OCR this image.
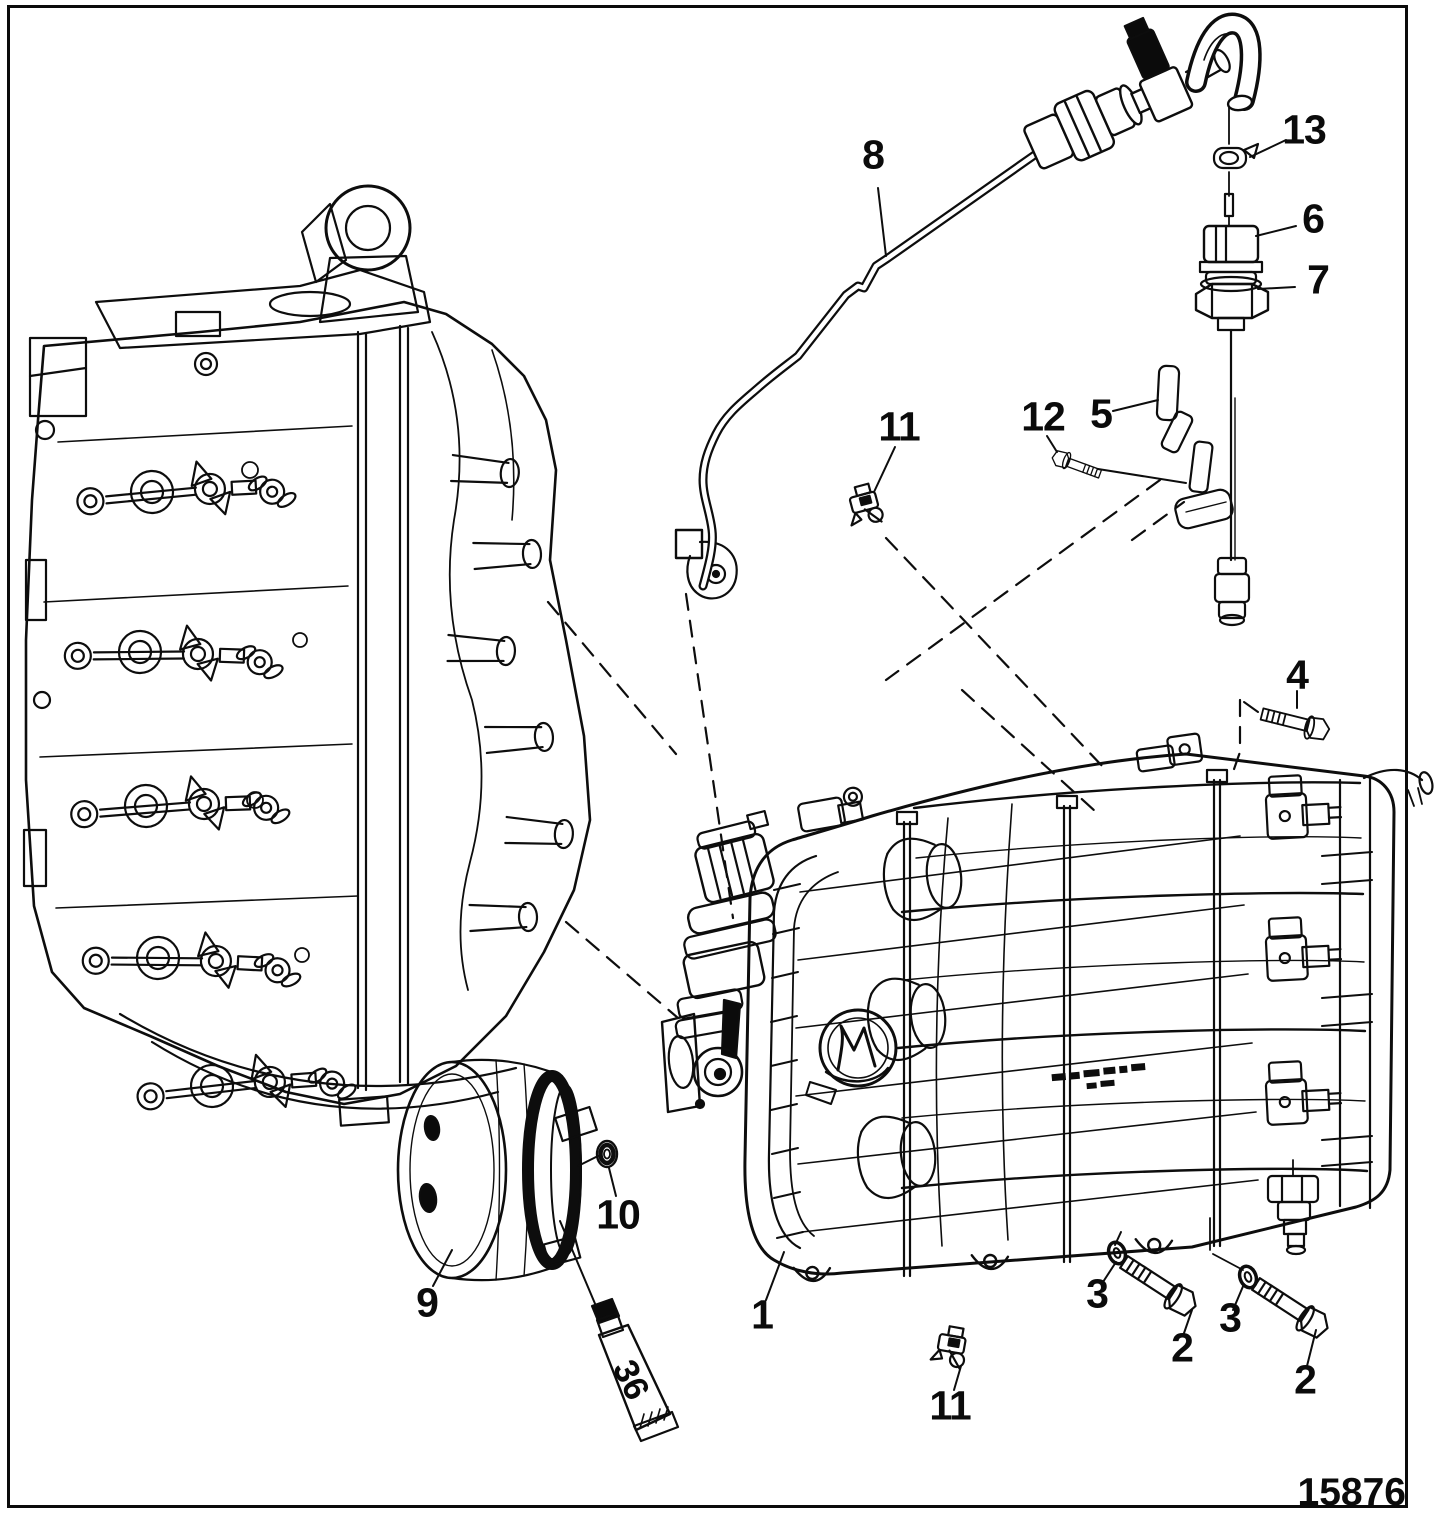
8
13
6
7
5
12
11
4
1
9
10
3
2
3
2
11
36
15876
